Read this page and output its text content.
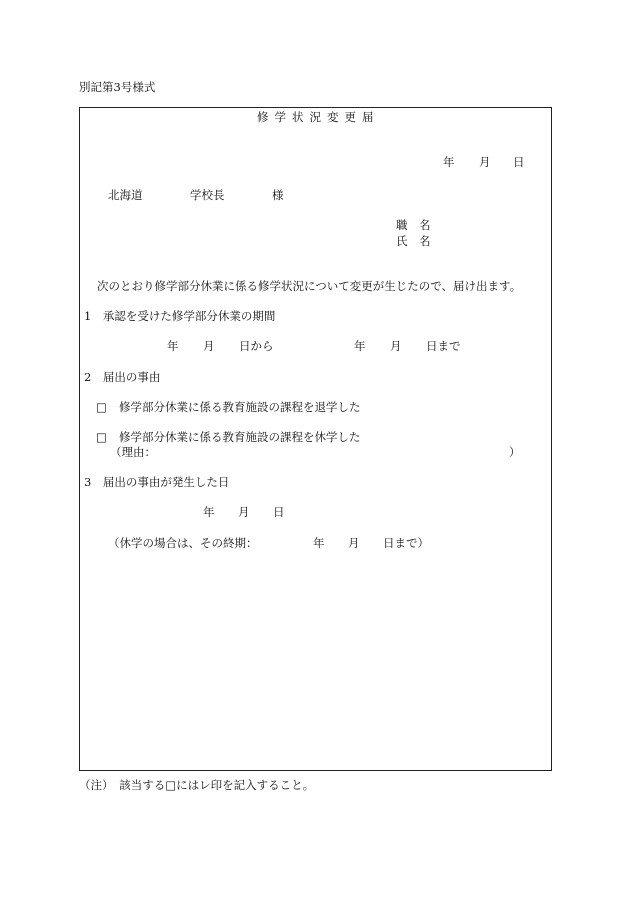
別記第3号様式
修学状況変更届
年 月 日
北海道	学校長	様
職　名
氏　名
次のとおり修学部分休業に係る修学状況について変更が生じたので、届け出ます。
1　承認を受けた修学部分休業の期間
年 月 日から	年 月 日まで
2　届出の事由
□ 修学部分休業に係る教育施設の課程を退学した
□ 修学部分休業に係る教育施設の課程を休学した
（理由：	）
3　届出の事由が発生した日
年 月 日
（休学の場合は、その終期：	年 月 日まで）
（注）　該当する□にはレ印を記入すること。
